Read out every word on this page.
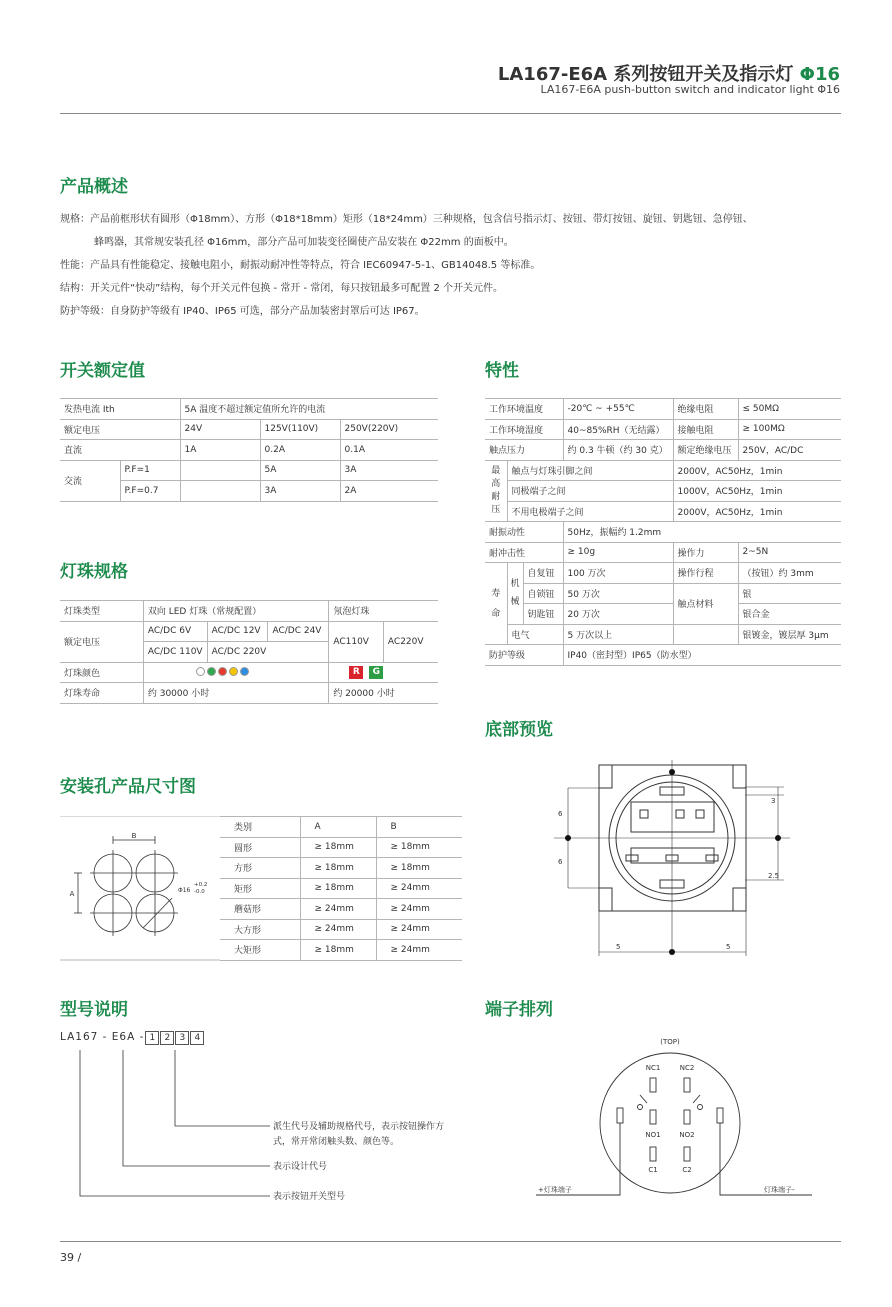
LA167-E6A 系列按钮开关及指示灯 Φ16
LA167-E6A push-button switch and indicator light Φ16
产品概述
规格：产品前框形状有圆形（Φ18mm）、方形（Φ18*18mm）矩形（18*24mm）三种规格，包含信号指示灯、按钮、带灯按钮、旋钮、钥匙钮、急停钮、
蜂鸣器，其常规安装孔径 Φ16mm，部分产品可加装变径圈使产品安装在 Φ22mm 的面板中。
性能：产品具有性能稳定、接触电阻小，耐振动耐冲性等特点，符合 IEC60947-5-1、GB14048.5 等标准。
结构：开关元件“快动”结构，每个开关元件包换 - 常开 - 常闭，每只按钮最多可配置 2 个开关元件。
防护等级：自身防护等级有 IP40、IP65 可选，部分产品加装密封罩后可达 IP67。
开关额定值
发热电流 Ith		5A 温度不超过额定值所允许的电流		
额定电压		24V	125V(110V)	250V(220V)
直流		1A	0.2A	0.1A
交流	P.F=1		5A	3A
	P.F=0.7		3A	2A
特性
工作环境温度			-20℃ ~ +55℃	绝缘电阻	≤ 50MΩ
工作环境湿度			40~85%RH（无结露）	接触电阻	≥ 100MΩ
触点压力			约 0.3 牛顿（约 30 克）	额定绝缘电压	250V，AC/DC
最高耐压	触点与灯珠引脚之间			2000V，AC50Hz，1min	
	同极端子之间			1000V，AC50Hz，1min	
	不用电极端子之间			2000V，AC50Hz，1min	
耐振动性			50Hz，振幅约 1.2mm		
耐冲击性			≥ 10g	操作力	2~5N
寿命	机械	自复钮	100 万次	操作行程	（按钮）约 3mm
		自锁钮	50 万次	触点材料	银
		钥匙钮	20 万次		银合金
	电气		5 万次以上		银镀金，镀层厚 3μm
防护等级			IP40（密封型）IP65（防水型）		
灯珠规格
灯珠类型	双向 LED 灯珠（常规配置）			氖泡灯珠	
额定电压	AC/DC 6V	AC/DC 12V	AC/DC 24V	AC110V	AC220V
	AC/DC 110V	AC/DC 220V			
灯珠颜色				R G	
灯珠寿命	约 30000 小时			约 20000 小时	
安装孔产品尺寸图
B
A	Φ16
+0.2
-0.0
类别	A	B
圆形	≥ 18mm	≥ 18mm
方形	≥ 18mm	≥ 18mm
矩形	≥ 18mm	≥ 24mm
蘑菇形	≥ 24mm	≥ 24mm
大方形	≥ 24mm	≥ 24mm
大矩形	≥ 18mm	≥ 24mm
底部预览
3
6
6
2.5
5	5
型号说明
LA167 - E6A - 1 2 3 4
派生代号及辅助规格代号，表示按钮操作方
式，常开常闭触头数、颜色等。
表示设计代号
表示按钮开关型号
端子排列
(TOP)
NC1	NC2
NO1	NO2
C1	C2
+灯珠端子	灯珠端子-
39 /
